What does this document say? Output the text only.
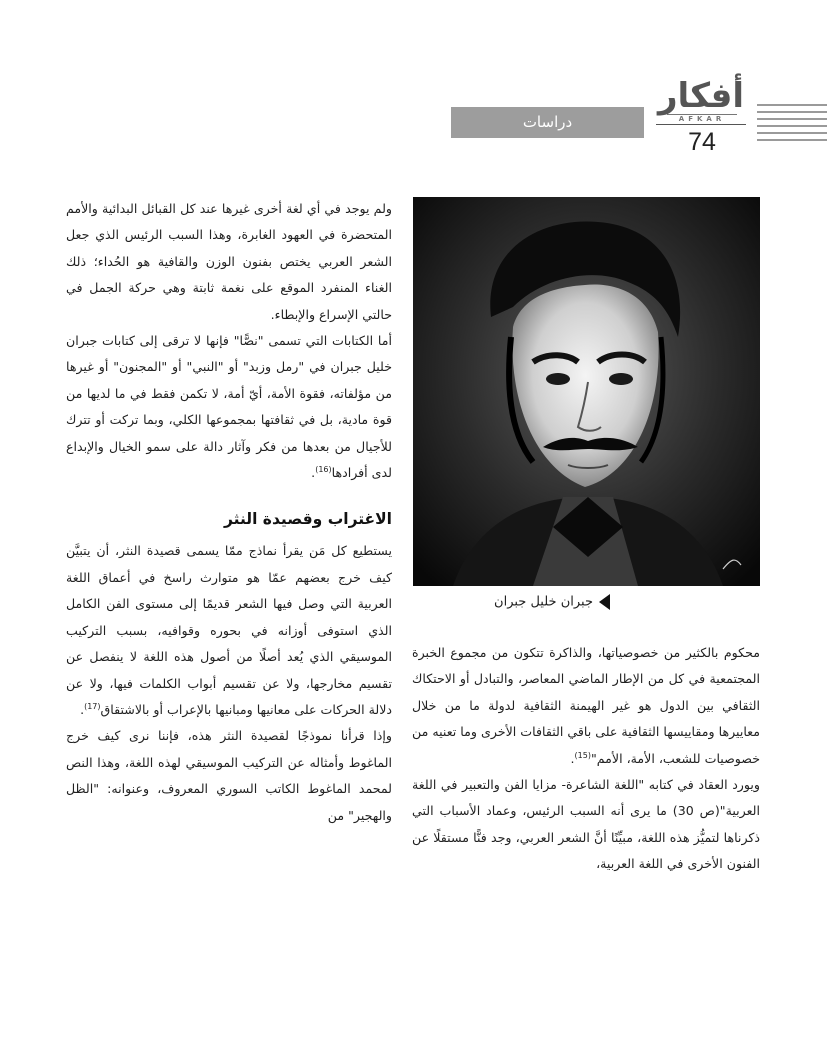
أفكار
AFKAR
74
دراسات
جبران خليل جبران

ولم يوجد في أي لغة أخرى غيرها عند كل القبائل البدائية والأمم المتحضرة في العهود الغابرة، وهذا السبب الرئيس الذي جعل الشعر العربي يختص بفنون الوزن والقافية هو الحُداء؛ ذلك الغناء المنفرد الموقع على نغمة ثابتة وهي حركة الجمل في حالتي الإسراع والإبطاء.

أما الكتابات التي تسمى "نصًّا" فإنها لا ترقى إلى كتابات جبران خليل جبران في "رمل وزبد" أو "النبي" أو "المجنون" أو غيرها من مؤلفاته، فقوة الأمة، أيّ أمة، لا تكمن فقط في ما لديها من قوة مادية، بل في ثقافتها بمجموعها الكلي، وبما تركت أو تترك للأجيال من بعدها من فكر وآثار دالة على سمو الخيال والإبداع لدى أفرادها$^{(16)}$.

الاغتراب وقصيدة النثر

يستطيع كل مَن يقرأ نماذج ممّا يسمى قصيدة النثر، أن يتبيَّن كيف خرج بعضهم عمّا هو متوارث راسخ في أعماق اللغة العربية التي وصل فيها الشعر قديمًا إلى مستوى الفن الكامل الذي استوفى أوزانه في بحوره وقوافيه، بسبب التركيب الموسيقي الذي يُعد أصلًا من أصول هذه اللغة لا ينفصل عن تقسيم مخارجها، ولا عن تقسيم أبواب الكلمات فيها، ولا عن دلالة الحركات على معانيها ومبانيها بالإعراب أو بالاشتقاق$^{(17)}$.

وإذا قرأنا نموذجًا لقصيدة النثر هذه، فإننا نرى كيف خرج الماغوط وأمثاله عن التركيب الموسيقي لهذه اللغة، وهذا النص لمحمد الماغوط الكاتب السوري المعروف، وعنوانه: "الظل والهجير" من

محكوم بالكثير من خصوصياتها، والذاكرة تتكون من مجموع الخبرة المجتمعية في كل من الإطار الماضي المعاصر، والتبادل أو الاحتكاك الثقافي بين الدول هو غير الهيمنة الثقافية لدولة ما من خلال معاييرها ومقاييسها الثقافية على باقي الثقافات الأخرى وما تعنيه من خصوصيات للشعب، الأمة، الأمم"$^{(15)}$.

ويورد العقاد في كتابه "اللغة الشاعرة- مزايا الفن والتعبير في اللغة العربية"(ص 30) ما يرى أنه السبب الرئيس، وعماد الأسباب التي ذكرناها لتميُّز هذه اللغة، مبيِّنًا أنَّ الشعر العربي، وجد فنًّا مستقلًا عن الفنون الأخرى في اللغة العربية،
